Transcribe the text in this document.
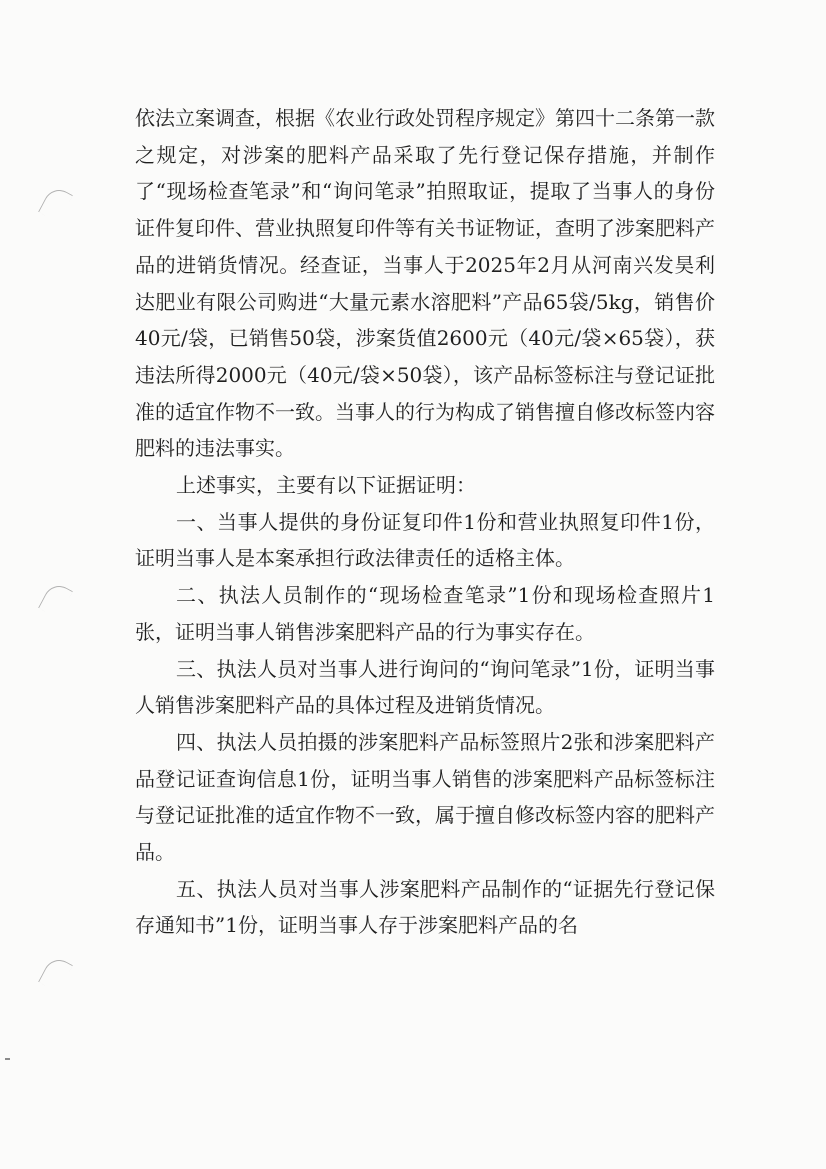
依法立案调查，根据《农业行政处罚程序规定》第四十二条第一款之规定，对涉案的肥料产品采取了先行登记保存措施，并制作了“现场检查笔录”和“询问笔录”拍照取证，提取了当事人的身份证件复印件、营业执照复印件等有关书证物证，查明了涉案肥料产品的进销货情况。经查证，当事人于2025年2月从河南兴发昊利达肥业有限公司购进“大量元素水溶肥料”产品65袋/5kg，销售价40元/袋，已销售50袋，涉案货值2600元（40元/袋×65袋），获违法所得2000元（40元/袋×50袋），该产品标签标注与登记证批准的适宜作物不一致。当事人的行为构成了销售擅自修改标签内容肥料的违法事实。

上述事实，主要有以下证据证明：

一、当事人提供的身份证复印件1份和营业执照复印件1份，证明当事人是本案承担行政法律责任的适格主体。

二、执法人员制作的“现场检查笔录”1份和现场检查照片1张，证明当事人销售涉案肥料产品的行为事实存在。

三、执法人员对当事人进行询问的“询问笔录”1份，证明当事人销售涉案肥料产品的具体过程及进销货情况。

四、执法人员拍摄的涉案肥料产品标签照片2张和涉案肥料产品登记证查询信息1份，证明当事人销售的涉案肥料产品标签标注与登记证批准的适宜作物不一致，属于擅自修改标签内容的肥料产品。

五、执法人员对当事人涉案肥料产品制作的“证据先行登记保存通知书”1份，证明当事人存于涉案肥料产品的名
